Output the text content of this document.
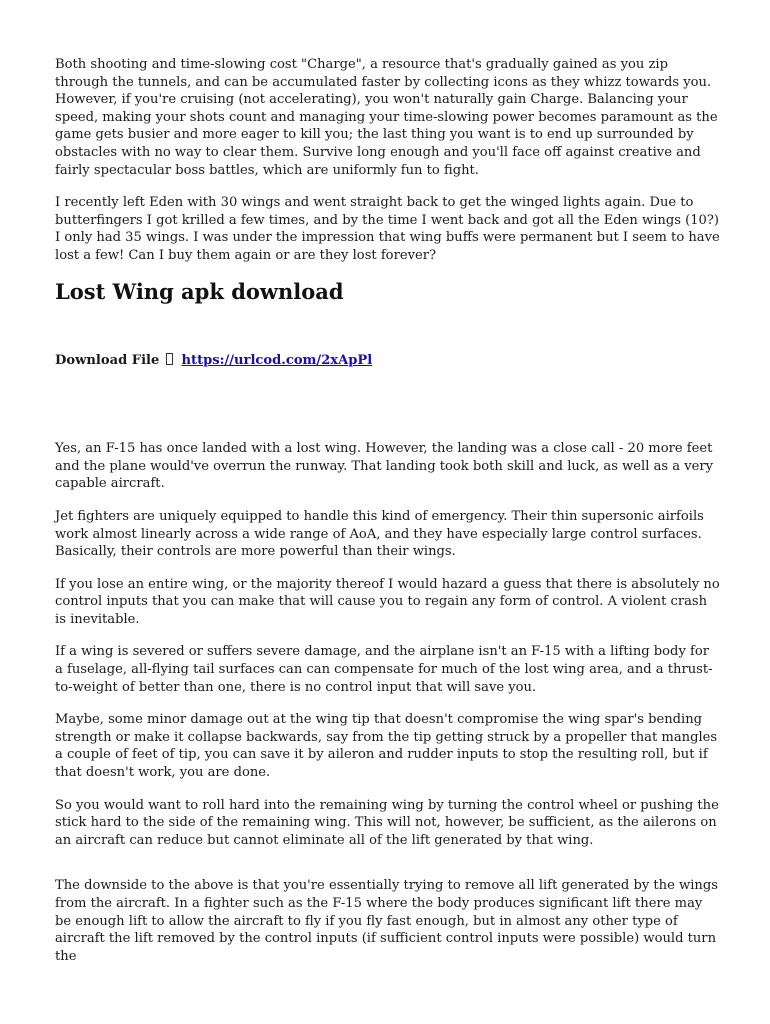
Both shooting and time-slowing cost "Charge", a resource that's gradually gained as you zip through the tunnels, and can be accumulated faster by collecting icons as they whizz towards you. However, if you're cruising (not accelerating), you won't naturally gain Charge. Balancing your speed, making your shots count and managing your time-slowing power becomes paramount as the game gets busier and more eager to kill you; the last thing you want is to end up surrounded by obstacles with no way to clear them. Survive long enough and you'll face off against creative and fairly spectacular boss battles, which are uniformly fun to fight.

I recently left Eden with 30 wings and went straight back to get the winged lights again. Due to butterfingers I got krilled a few times, and by the time I went back and got all the Eden wings (10?) I only had 35 wings. I was under the impression that wing buffs were permanent but I seem to have lost a few! Can I buy them again or are they lost forever?

Lost Wing apk download

Download File https://urlcod.com/2xApPl

Yes, an F-15 has once landed with a lost wing. However, the landing was a close call - 20 more feet and the plane would've overrun the runway. That landing took both skill and luck, as well as a very capable aircraft.

Jet fighters are uniquely equipped to handle this kind of emergency. Their thin supersonic airfoils work almost linearly across a wide range of AoA, and they have especially large control surfaces. Basically, their controls are more powerful than their wings.

If you lose an entire wing, or the majority thereof I would hazard a guess that there is absolutely no control inputs that you can make that will cause you to regain any form of control. A violent crash is inevitable.

If a wing is severed or suffers severe damage, and the airplane isn't an F-15 with a lifting body for a fuselage, all-flying tail surfaces can can compensate for much of the lost wing area, and a thrust-to-weight of better than one, there is no control input that will save you.

Maybe, some minor damage out at the wing tip that doesn't compromise the wing spar's bending strength or make it collapse backwards, say from the tip getting struck by a propeller that mangles a couple of feet of tip, you can save it by aileron and rudder inputs to stop the resulting roll, but if that doesn't work, you are done.

So you would want to roll hard into the remaining wing by turning the control wheel or pushing the stick hard to the side of the remaining wing. This will not, however, be sufficient, as the ailerons on an aircraft can reduce but cannot eliminate all of the lift generated by that wing.

The downside to the above is that you're essentially trying to remove all lift generated by the wings from the aircraft. In a fighter such as the F-15 where the body produces significant lift there may be enough lift to allow the aircraft to fly if you fly fast enough, but in almost any other type of aircraft the lift removed by the control inputs (if sufficient control inputs were possible) would turn the
